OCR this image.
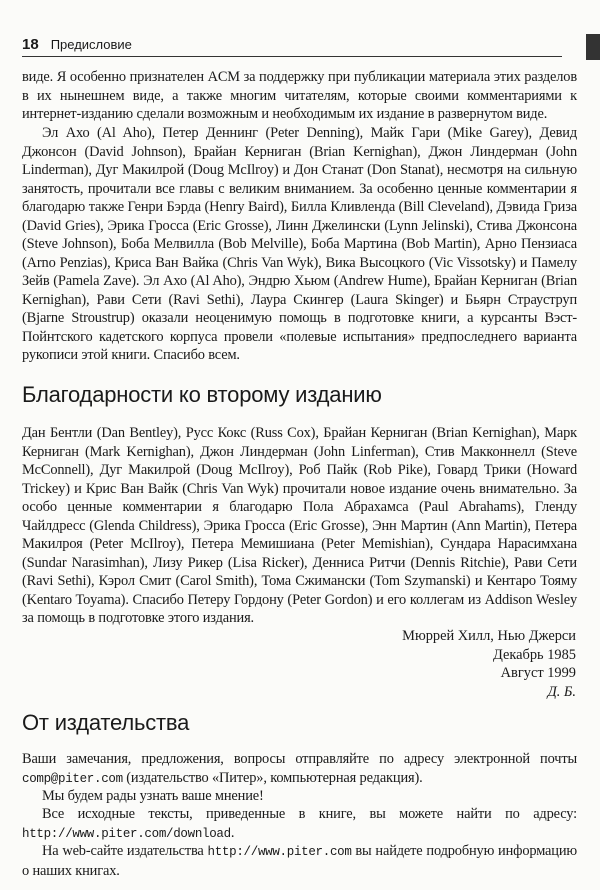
18 Предисловие

виде. Я особенно признателен ACM за поддержку при публикации материала этих разделов в их нынешнем виде, а также многим читателям, которые своими комментариями к интернет-изданию сделали возможным и необходимым их издание в развернутом виде.

Эл Ахо (Al Aho), Петер Деннинг (Peter Denning), Майк Гари (Mike Garey), Девид Джонсон (David Johnson), Брайан Керниган (Brian Kernighan), Джон Линдерман (John Linderman), Дуг Макилрой (Doug McIlroy) и Дон Станат (Don Stanat), несмотря на сильную занятость, прочитали все главы с великим вниманием. За особенно ценные комментарии я благодарю также Генри Бэрда (Henry Baird), Билла Кливленда (Bill Cleveland), Дэвида Гриза (David Gries), Эрика Гросса (Eric Grosse), Линн Джелински (Lynn Jelinski), Стива Джонсона (Steve Johnson), Боба Мелвилла (Bob Melville), Боба Мартина (Bob Martin), Арно Пензиаса (Arno Penzias), Криса Ван Вайка (Chris Van Wyk), Вика Высоцкого (Vic Vissotsky) и Памелу Зейв (Pamela Zave). Эл Ахо (Al Aho), Эндрю Хьюм (Andrew Hume), Брайан Керниган (Brian Kernighan), Рави Сети (Ravi Sethi), Лаура Скингер (Laura Skinger) и Бьярн Страуструп (Bjarne Stroustrup) оказали неоценимую помощь в подготовке книги, а курсанты Вэст-Пойнтского кадетского корпуса провели «полевые испытания» предпоследнего варианта рукописи этой книги. Спасибо всем.

Благодарности ко второму изданию

Дан Бентли (Dan Bentley), Русс Кокс (Russ Cox), Брайан Керниган (Brian Kernighan), Марк Керниган (Mark Kernighan), Джон Линдерман (John Linferman), Стив Макконнелл (Steve McConnell), Дуг Макилрой (Doug McIlroy), Роб Пайк (Rob Pike), Говард Трики (Howard Trickey) и Крис Ван Вайк (Chris Van Wyk) прочитали новое издание очень внимательно. За особо ценные комментарии я благодарю Пола Абрахамса (Paul Abrahams), Гленду Чайлдресс (Glenda Childress), Эрика Гросса (Eric Grosse), Энн Мартин (Ann Martin), Петера Макилроя (Peter McIlroy), Петера Мемишиана (Peter Memishian), Сундара Нарасимхана (Sundar Narasimhan), Лизу Рикер (Lisa Ricker), Денниса Ритчи (Dennis Ritchie), Рави Сети (Ravi Sethi), Кэрол Смит (Carol Smith), Тома Сжимански (Tom Szymanski) и Кентаро Тояму (Kentaro Toyama). Спасибо Петеру Гордону (Peter Gordon) и его коллегам из Addison Wesley за помощь в подготовке этого издания.

Мюррей Хилл, Нью Джерси
Декабрь 1985
Август 1999
Д. Б.
От издательства

Ваши замечания, предложения, вопросы отправляйте по адресу электронной почты comp@piter.com (издательство «Питер», компьютерная редакция).

Мы будем рады узнать ваше мнение!

Все исходные тексты, приведенные в книге, вы можете найти по адресу: http://www.piter.com/download.

На web-сайте издательства http://www.piter.com вы найдете подробную информацию о наших книгах.
